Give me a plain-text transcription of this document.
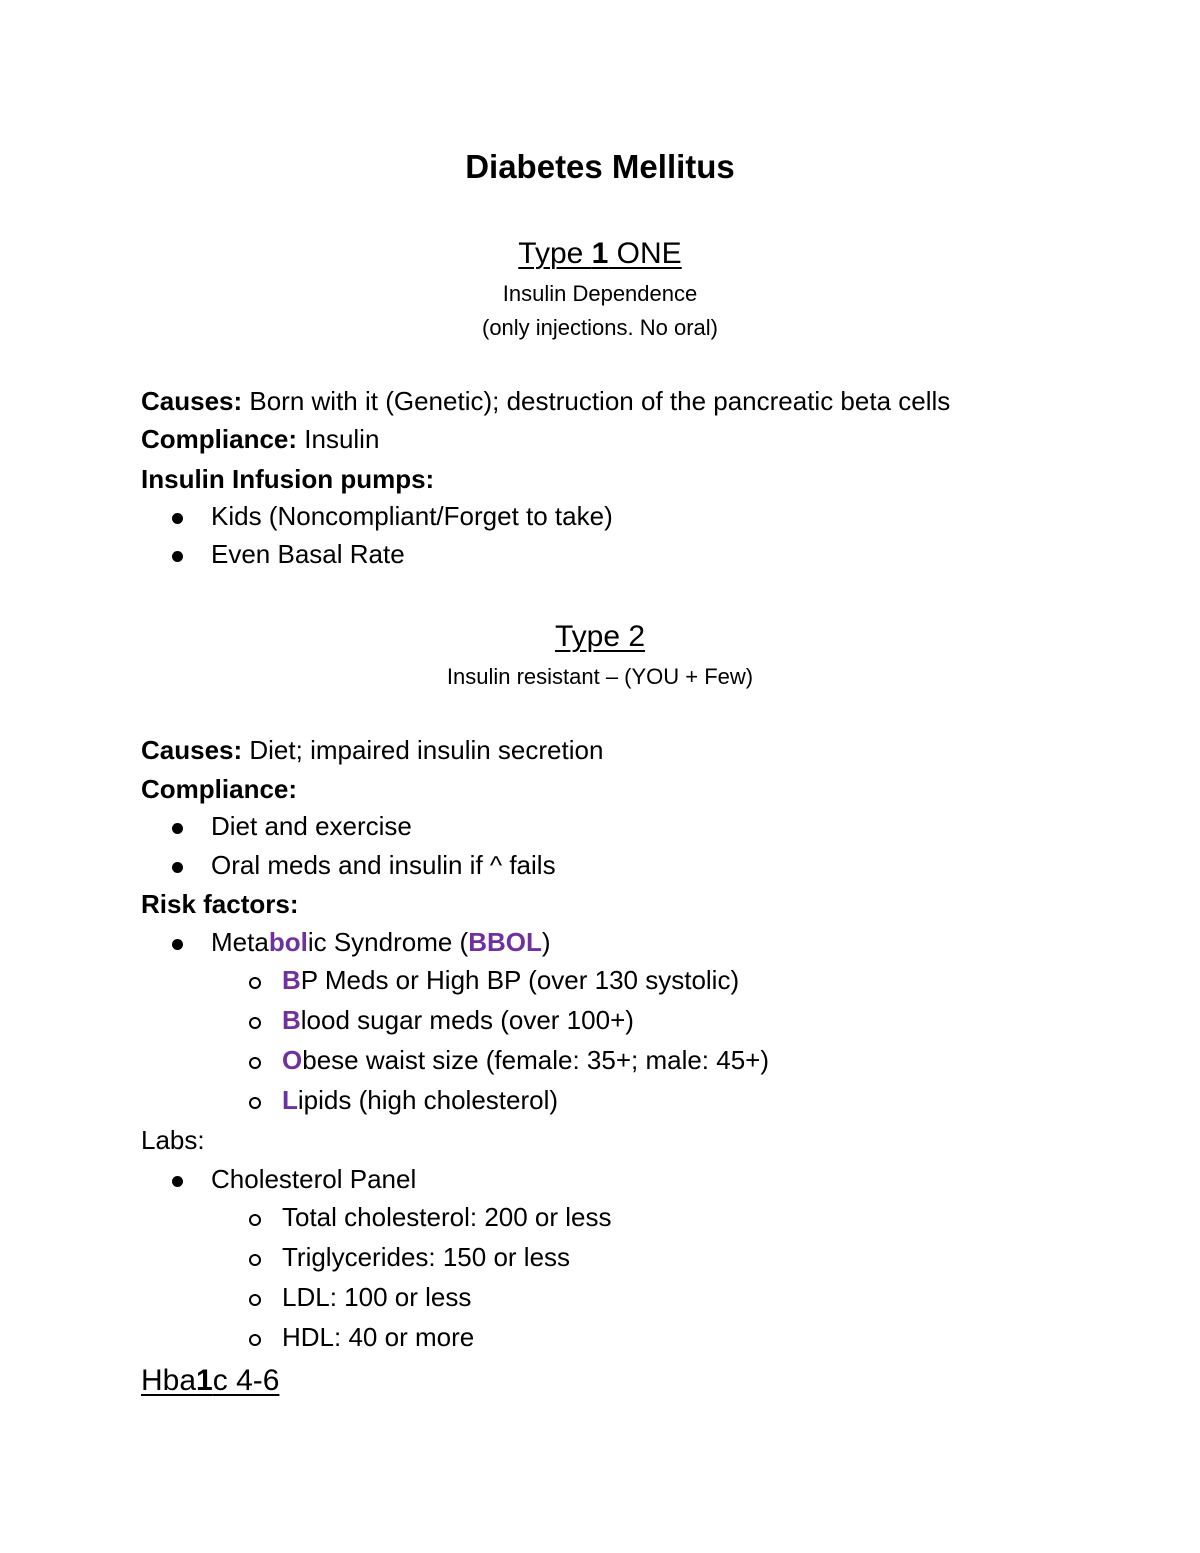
Diabetes Mellitus
Type 1 ONE
Insulin Dependence
(only injections. No oral)
Causes: Born with it (Genetic); destruction of the pancreatic beta cells
Compliance: Insulin
Insulin Infusion pumps:
Kids (Noncompliant/Forget to take)
Even Basal Rate
Type 2
Insulin resistant – (YOU + Few)
Causes: Diet; impaired insulin secretion
Compliance:
Diet and exercise
Oral meds and insulin if ^ fails
Risk factors:
Metabolic Syndrome (BBOL)
BP Meds or High BP (over 130 systolic)
Blood sugar meds (over 100+)
Obese waist size (female: 35+; male: 45+)
Lipids (high cholesterol)
Labs:
Cholesterol Panel
Total cholesterol: 200 or less
Triglycerides: 150 or less
LDL: 100 or less
HDL: 40 or more
Hba1c 4-6
